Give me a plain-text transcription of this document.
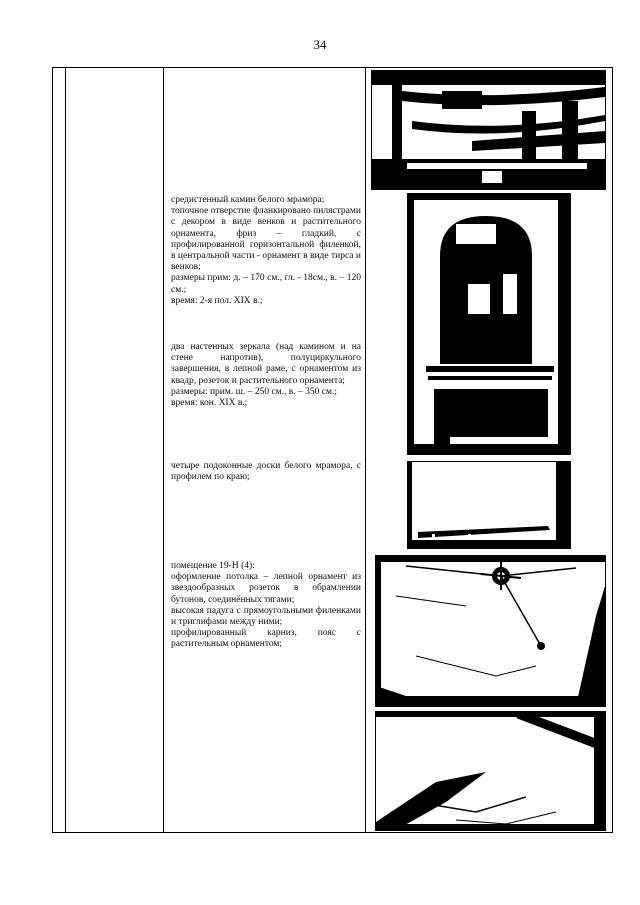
34

средистенный камин белого мрамора;

топочное отверстие фланкировано пилястрами с декором в виде венков и растительного орнамента, фриз – гладкий, с профилированной горизонтальной филенкой, в центральной части - орнамент в виде тирса и венков;

размеры прим: д. – 170 см., гл. - 18см., в. – 120 см.;

время: 2-я пол. XIX в.;

два настенных зеркала (над камином и на стене напротив), полуциркульного завершения, в лепной раме, с орнаментом из квадр, розеток и растительного орнамента;

размеры: прим. ш. – 250 см., в. – 350 см.;

время: кон. XIX в.;

четыре подоконные доски белого мрамора, с профилем по краю;

помещение 19-Н (4):

оформление потолка – лепной орнамент из звездообразных розеток в обрамлении бутонов, соединённых тягами;

высокая падуга с прямоугольными филенками и триглифами между ними;

профилированный карниз, пояс с растительным орнаментом;
